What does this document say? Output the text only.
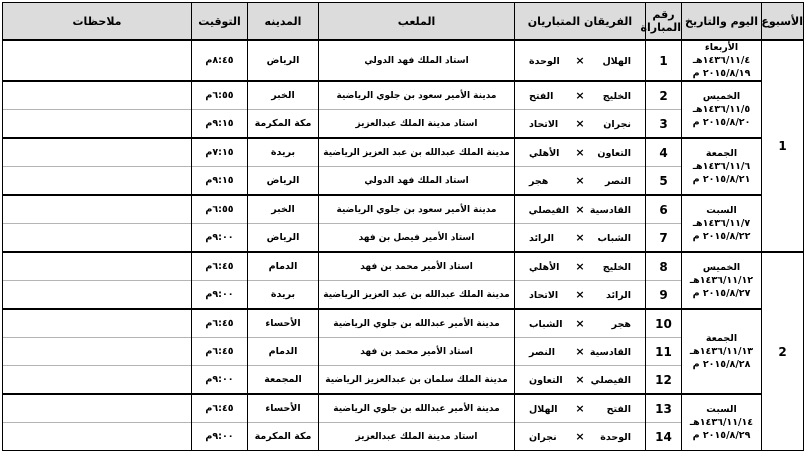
الأسبوع	اليوم والتاريخ	رقم المباراة	الفريقان المتباريان	الملعب	المدينه	التوقيت	ملاحظات
1	الأربعاء
١٤٣٦/١١/٤هـ
٢٠١٥/٨/١٩ م	1	الهلال×الوحدة	استاد الملك فهد الدولي	الرياض	٨:٤٥م	

	الخميس
١٤٣٦/١١/٥هـ
٢٠١٥/٨/٢٠ م	2	الخليج×الفتح	مدينة الأمير سعود بن جلوي الرياضية	الخبر	٦:٥٥م	
		3	نجران×الاتحاد	استاد مدينة الملك عبدالعزيز	مكة المكرمة	٩:١٥م	

	الجمعة
١٤٣٦/١١/٦هـ
٢٠١٥/٨/٢١ م	4	التعاون×الأهلي	مدينة الملك عبدالله بن عبد العزيز الرياضية	بريدة	٧:١٥م	
		5	النصر×هجر	استاد الملك فهد الدولي	الرياض	٩:١٥م	

	السبت
١٤٣٦/١١/٧هـ
٢٠١٥/٨/٢٢ م	6	القادسية×الفيصلي	مدينة الأمير سعود بن جلوي الرياضية	الخبر	٦:٥٥م	
		7	الشباب×الرائد	استاد الأمير فيصل بن فهد	الرياض	٩:٠٠م	
2	الخميس
١٤٣٦/١١/١٢هـ
٢٠١٥/٨/٢٧ م	8	الخليج×الأهلي	استاد الأمير محمد بن فهد	الدمام	٦:٤٥م	
		9	الرائد×الاتحاد	مدينة الملك عبدالله بن عبد العزيز الرياضية	بريدة	٩:٠٠م	

	الجمعة
١٤٣٦/١١/١٣هـ
٢٠١٥/٨/٢٨ م	10	هجر×الشباب	مدينة الأمير عبدالله بن جلوي الرياضية	الأحساء	٦:٤٥م	
		11	القادسية×النصر	استاد الأمير محمد بن فهد	الدمام	٦:٤٥م	
		12	الفيصلي×التعاون	مدينة الملك سلمان بن عبدالعزيز الرياضية	المجمعة	٩:٠٠م	

	السبت
١٤٣٦/١١/١٤هـ
٢٠١٥/٨/٢٩ م	13	الفتح×الهلال	مدينة الأمير عبدالله بن جلوي الرياضية	الأحساء	٦:٤٥م	
		14	الوحدة×نجران	استاد مدينة الملك عبدالعزيز	مكة المكرمة	٩:٠٠م	
